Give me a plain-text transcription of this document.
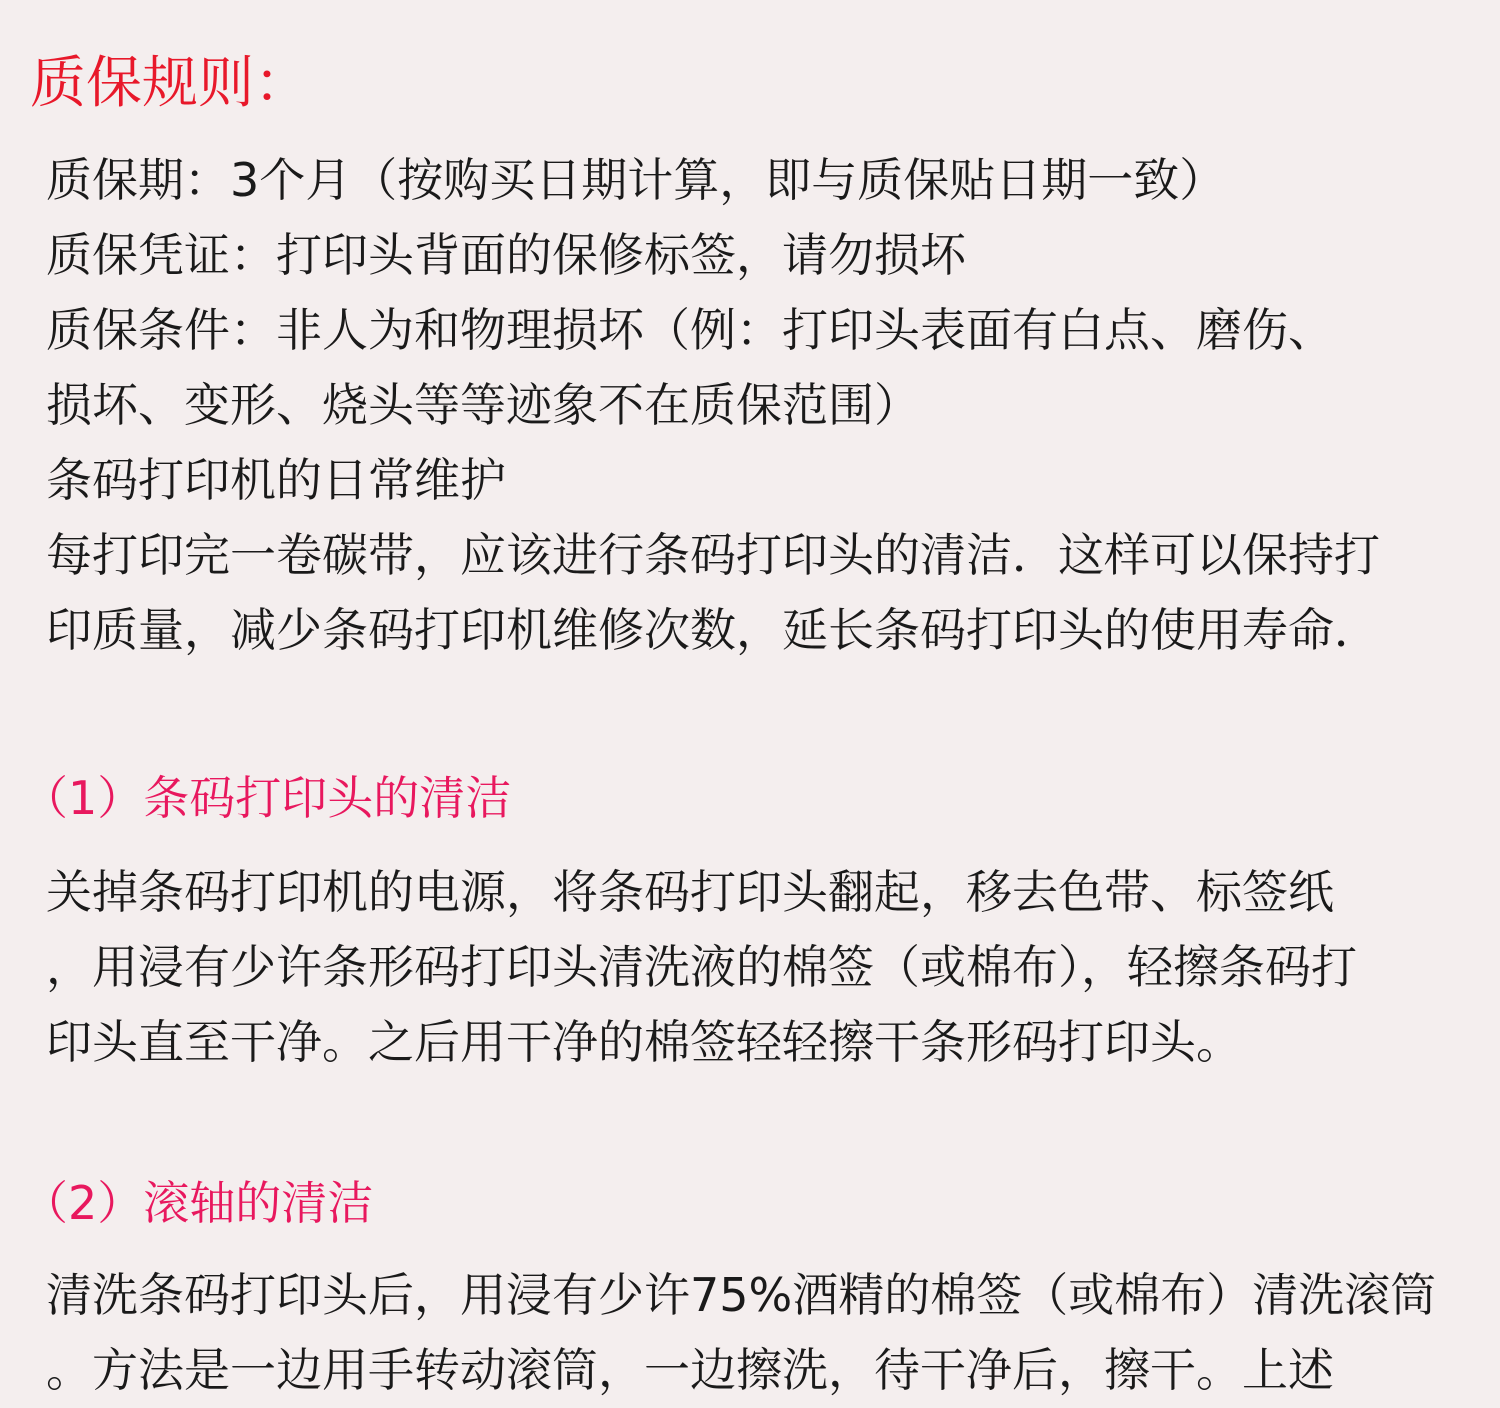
质保规则：
质保期：3个月（按购买日期计算，即与质保贴日期一致）
质保凭证：打印头背面的保修标签，请勿损坏
质保条件：非人为和物理损坏（例：打印头表面有白点、磨伤、
损坏、变形、烧头等等迹象不在质保范围）
条码打印机的日常维护
每打印完一卷碳带，应该进行条码打印头的清洁．这样可以保持打
印质量，减少条码打印机维修次数，延长条码打印头的使用寿命．
（1）条码打印头的清洁
关掉条码打印机的电源，将条码打印头翻起，移去色带、标签纸
，用浸有少许条形码打印头清洗液的棉签（或棉布），轻擦条码打
印头直至干净。之后用干净的棉签轻轻擦干条形码打印头。
（2）滚轴的清洁
清洗条码打印头后，用浸有少许75%酒精的棉签（或棉布）清洗滚筒
。方法是一边用手转动滚筒，一边擦洗，待干净后，擦干。上述
